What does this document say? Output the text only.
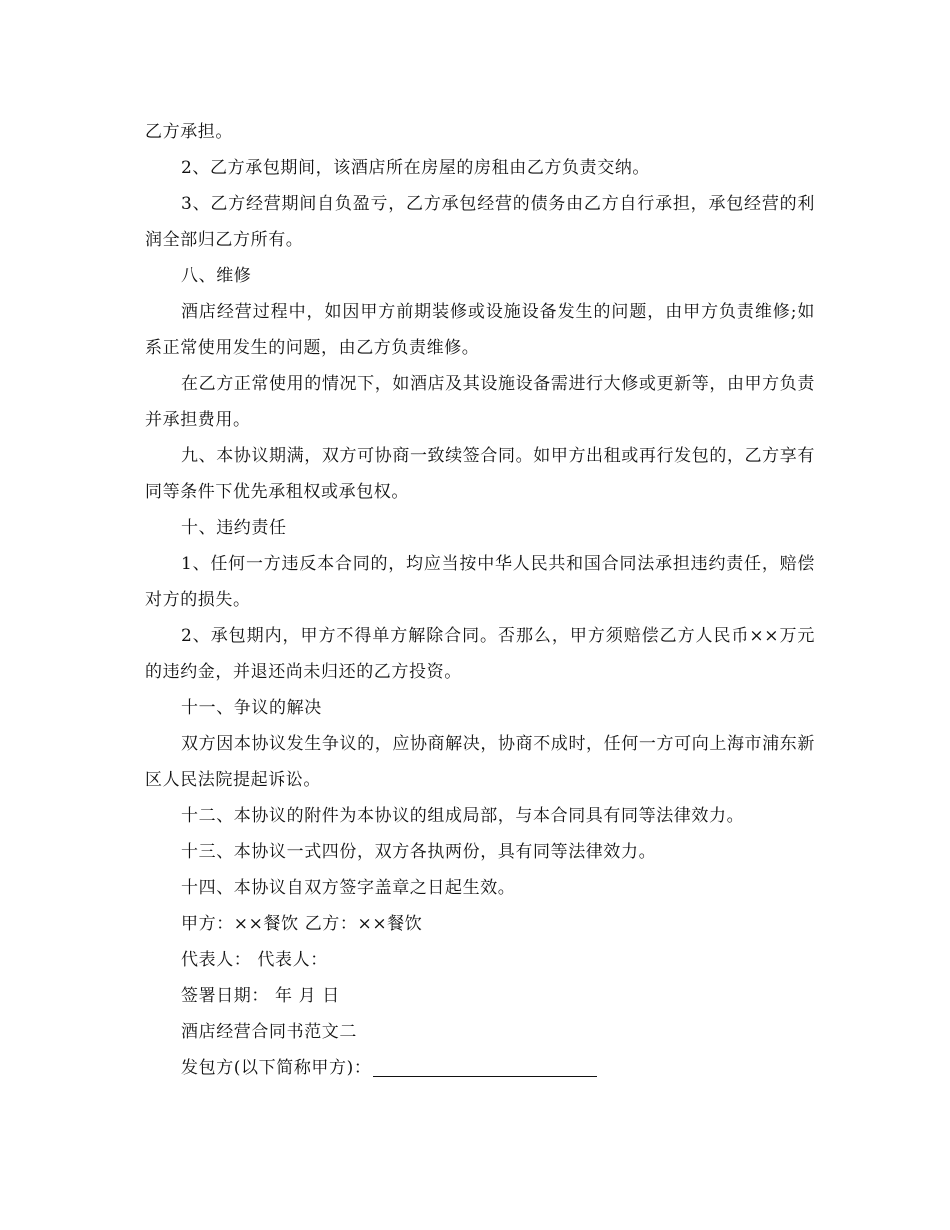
乙方承担。

2、乙方承包期间，该酒店所在房屋的房租由乙方负责交纳。

3、乙方经营期间自负盈亏，乙方承包经营的债务由乙方自行承担，承包经营的利润全部归乙方所有。

八、维修

酒店经营过程中，如因甲方前期装修或设施设备发生的问题，由甲方负责维修;如系正常使用发生的问题，由乙方负责维修。

在乙方正常使用的情况下，如酒店及其设施设备需进行大修或更新等，由甲方负责并承担费用。

九、本协议期满，双方可协商一致续签合同。如甲方出租或再行发包的，乙方享有同等条件下优先承租权或承包权。

十、违约责任

1、任何一方违反本合同的，均应当按中华人民共和国合同法承担违约责任，赔偿对方的损失。

2、承包期内，甲方不得单方解除合同。否那么，甲方须赔偿乙方人民币××万元的违约金，并退还尚未归还的乙方投资。

十一、争议的解决

双方因本协议发生争议的，应协商解决，协商不成时，任何一方可向上海市浦东新区人民法院提起诉讼。

十二、本协议的附件为本协议的组成局部，与本合同具有同等法律效力。

十三、本协议一式四份，双方各执两份，具有同等法律效力。

十四、本协议自双方签字盖章之日起生效。

甲方：××餐饮 乙方：××餐饮

代表人： 代表人：

签署日期： 年 月 日

酒店经营合同书范文二

发包方(以下简称甲方)：
